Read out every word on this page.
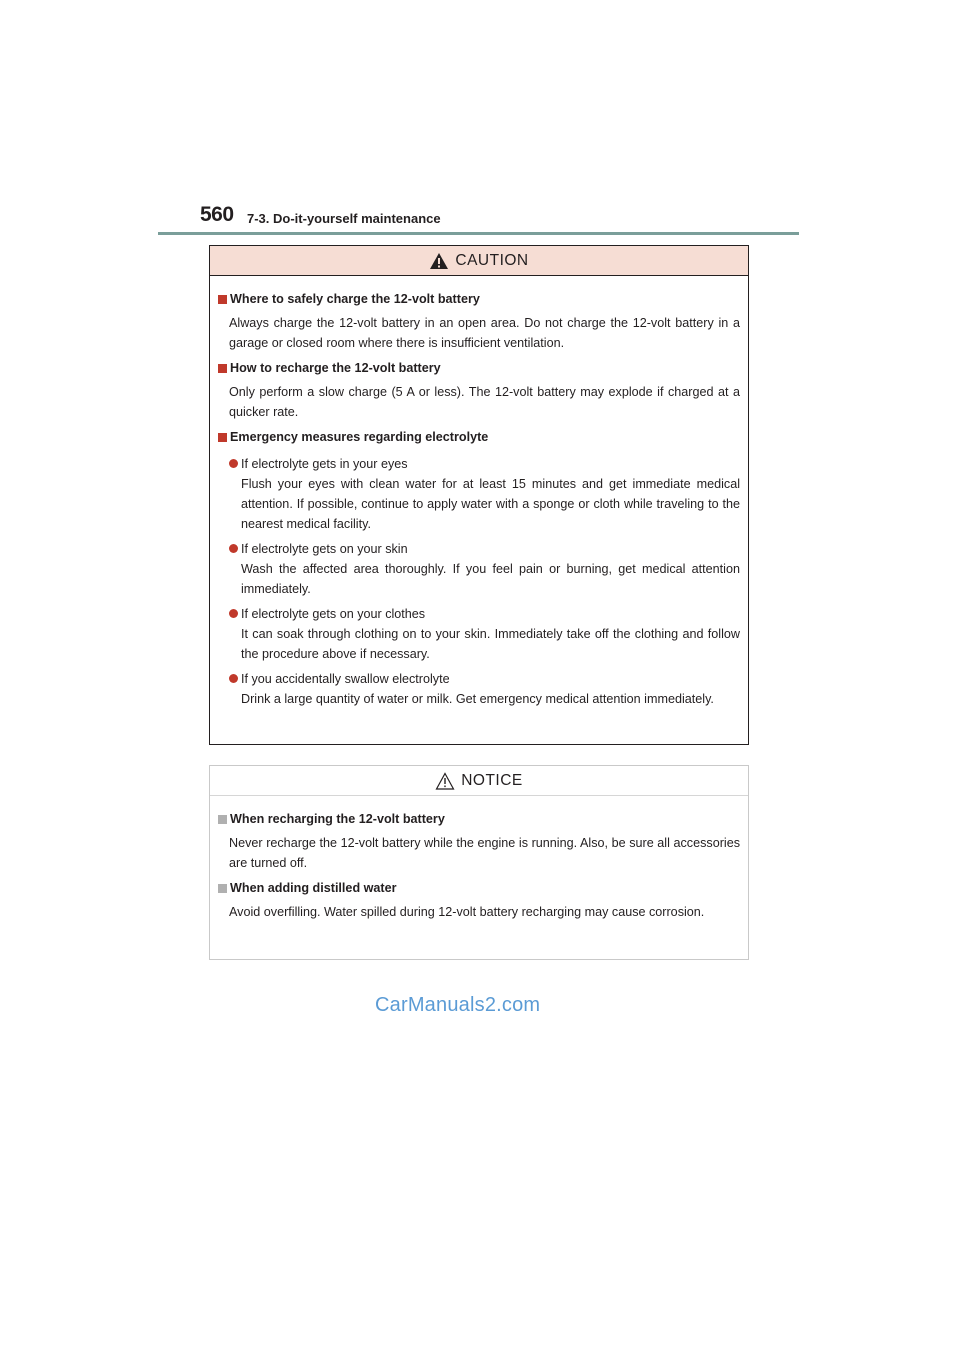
560 7-3. Do-it-yourself maintenance
CAUTION
Where to safely charge the 12-volt battery
Always charge the 12-volt battery in an open area. Do not charge the 12-volt battery in a garage or closed room where there is insufficient ventilation.
How to recharge the 12-volt battery
Only perform a slow charge (5 A or less). The 12-volt battery may explode if charged at a quicker rate.
Emergency measures regarding electrolyte
If electrolyte gets in your eyes
Flush your eyes with clean water for at least 15 minutes and get immediate medical attention. If possible, continue to apply water with a sponge or cloth while traveling to the nearest medical facility.
If electrolyte gets on your skin
Wash the affected area thoroughly. If you feel pain or burning, get medical attention immediately.
If electrolyte gets on your clothes
It can soak through clothing on to your skin. Immediately take off the clothing and follow the procedure above if necessary.
If you accidentally swallow electrolyte
Drink a large quantity of water or milk. Get emergency medical attention immediately.
NOTICE
When recharging the 12-volt battery
Never recharge the 12-volt battery while the engine is running. Also, be sure all accessories are turned off.
When adding distilled water
Avoid overfilling. Water spilled during 12-volt battery recharging may cause corrosion.
CarManuals2.com
